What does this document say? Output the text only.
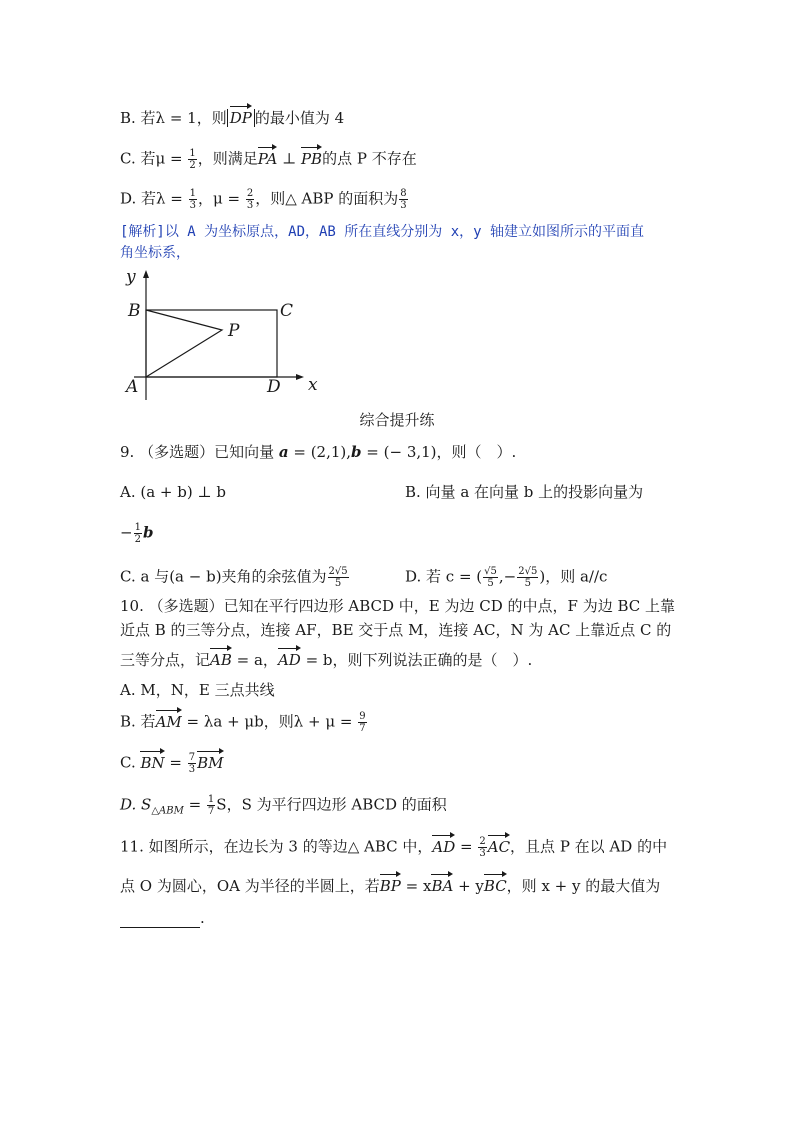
B. 若λ = 1，则 DP 的最小值为 4
C. 若$\mu = \frac{1}{2}$ ，则满足PA ⊥ PB的点 P 不存在
D. 若$\lambda = \frac{1}{3}$ ，$\mu = \frac{2}{3}$ ，则△ ABP 的面积为 $\frac{8}{3}$
[解析]以 A 为坐标原点，AD，AB 所在直线分别为 x，y 轴建立如图所示的平面直
角坐标系，
y
x
B	C
P
A	D
综合提升练
9. （多选题）已知向量 a = (2,1),b = (− 3,1)，则（　）.
A. (a + b) ⊥ b	B. 向量 a 在向量 b 上的投影向量为
− $\frac{1}{2}$ b
C. a 与(a − b)夹角的余弦值为 $\frac{2√5}{5}$	D. 若 c = ( $\frac{√5}{5}$ ,− $\frac{2√5}{5}$ )，则 a//c
10. （多选题）已知在平行四边形 ABCD 中，E 为边 CD 的中点，F 为边 BC 上靠
近点 B 的三等分点，连接 AF，BE 交于点 M，连接 AC，N 为 AC 上靠近点 C 的
三等分点，记AB = a，AD = b，则下列说法正确的是（　）.
A. M，N，E 三点共线
B. 若AM = λa + μb，则$\lambda + \mu = \frac{9}{7}$
C. BN = $\frac{7}{3}$ BM
D. $S_{\triangle ABM} = \frac{1}{7}$ S，S 为平行四边形 ABCD 的面积
11. 如图所示，在边长为 3 的等边△ ABC 中，AD = $\frac{2}{3}$ AC，且点 P 在以 AD 的中
点 O 为圆心，OA 为半径的半圆上，若BP = xBA + yBC，则 x + y 的最大值为
.
